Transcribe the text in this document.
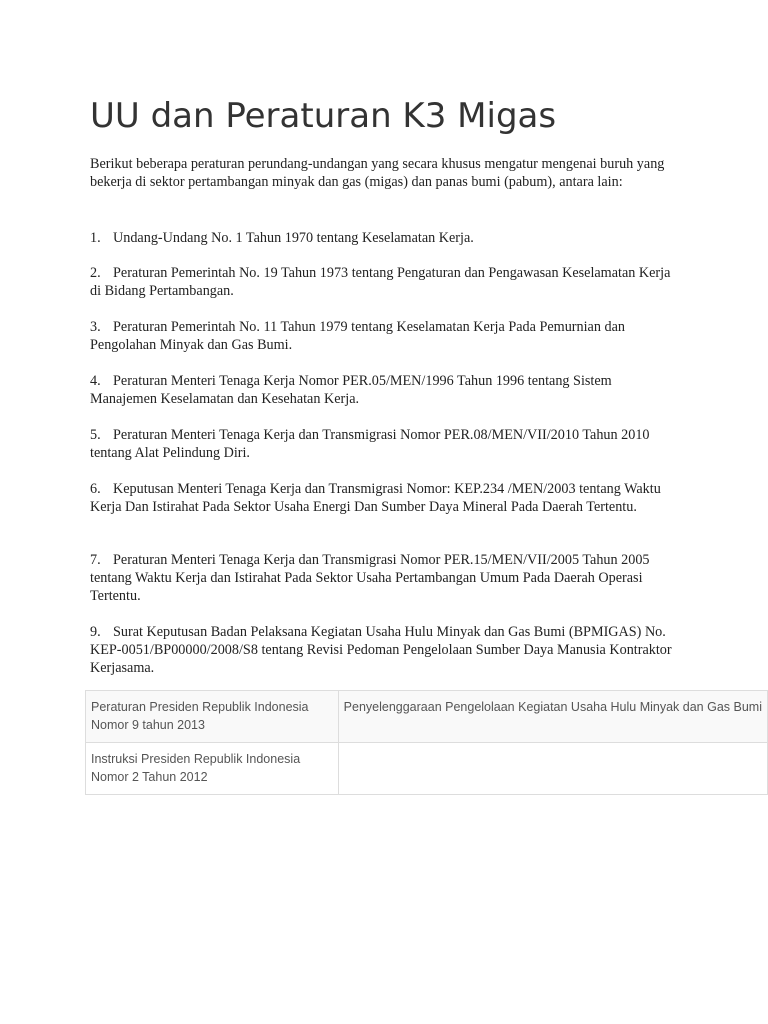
UU dan Peraturan K3 Migas

Berikut beberapa peraturan perundang-undangan yang secara khusus mengatur mengenai buruh yang bekerja di sektor pertambangan minyak dan gas (migas) dan panas bumi (pabum), antara lain:

1. Undang-Undang No. 1 Tahun 1970 tentang Keselamatan Kerja.

2. Peraturan Pemerintah No. 19 Tahun 1973 tentang Pengaturan dan Pengawasan Keselamatan Kerja di Bidang Pertambangan.

3. Peraturan Pemerintah No. 11 Tahun 1979 tentang Keselamatan Kerja Pada Pemurnian dan Pengolahan Minyak dan Gas Bumi.

4. Peraturan Menteri Tenaga Kerja Nomor PER.05/MEN/1996 Tahun 1996 tentang Sistem Manajemen Keselamatan dan Kesehatan Kerja.

5. Peraturan Menteri Tenaga Kerja dan Transmigrasi Nomor PER.08/MEN/VII/2010 Tahun 2010 tentang Alat Pelindung Diri.

6. Keputusan Menteri Tenaga Kerja dan Transmigrasi Nomor: KEP.234 /MEN/2003 tentang Waktu Kerja Dan Istirahat Pada Sektor Usaha Energi Dan Sumber Daya Mineral Pada Daerah Tertentu.

7. Peraturan Menteri Tenaga Kerja dan Transmigrasi Nomor PER.15/MEN/VII/2005 Tahun 2005 tentang Waktu Kerja dan Istirahat Pada Sektor Usaha Pertambangan Umum Pada Daerah Operasi Tertentu.

9. Surat Keputusan Badan Pelaksana Kegiatan Usaha Hulu Minyak dan Gas Bumi (BPMIGAS) No. KEP-0051/BP00000/2008/S8 tentang Revisi Pedoman Pengelolaan Sumber Daya Manusia Kontraktor Kerjasama.

Peraturan Presiden Republik Indonesia Nomor 9 tahun 2013	Penyelenggaraan Pengelolaan Kegiatan Usaha Hulu Minyak dan Gas Bumi
Instruksi Presiden Republik Indonesia Nomor 2 Tahun 2012	
